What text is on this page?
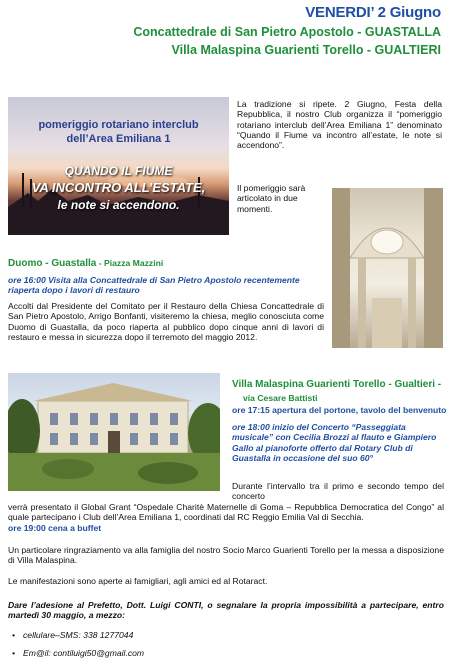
VENERDI’ 2 Giugno
Concattedrale di San Pietro Apostolo - GUASTALLA
Villa Malaspina Guarienti Torello - GUALTIERI
pomeriggio rotariano interclub
dell’Area Emiliana 1
QUANDO IL FIUME
VA INCONTRO ALL’ESTATE,
le note si accendono.
La tradizione si ripete. 2 Giugno, Festa della Repubblica, il nostro Club organizza il “pomeriggio rotariano interclub dell’Area Emiliana 1” denominato “Quando il Fiume va incontro all’estate, le note si accendono”.
Il pomeriggio sarà articolato in due momenti.
Duomo - Guastalla - Piazza Mazzini
ore 16:00 Visita alla Concattedrale di San Pietro Apostolo recentemente riaperta dopo i lavori di restauro
Accolti dal Presidente del Comitato per il Restauro della Chiesa Concattedrale di San Pietro Apostolo, Arrigo Bonfanti, visiteremo la chiesa, meglio conosciuta come Duomo di Guastalla, da poco riaperta al pubblico dopo cinque anni di lavori di restauro e messa in sicurezza dopo il terremoto del maggio 2012.
Villa Malaspina Guarienti Torello - Gualtieri -
via Cesare Battisti
ore 17:15 apertura del portone, tavolo del benvenuto
ore 18:00 inizio del Concerto “Passeggiata musicale” con Cecilia Brozzi al flauto e Giampiero Gallo al pianoforte offerto dal Rotary Club di Guastalla in occasione del suo 60°
Durante l’intervallo tra il primo e secondo tempo del concerto
verrà presentato il Global Grant “Ospedale Charitè Maternelle di Goma – Repubblica Democratica del Congo” al quale partecipano i Club dell’Area Emiliana 1, coordinati dal RC Reggio Emilia Val di Secchia.
ore 19:00 cena a buffet
Un particolare ringraziamento va alla famiglia del nostro Socio Marco Guarienti Torello per la messa a disposizione di Villa Malaspina.
Le manifestazioni sono aperte ai famigliari, agli amici ed al Rotaract.
Dare l’adesione al Prefetto, Dott. Luigi CONTI, o segnalare la propria impossibilità a partecipare, entro martedì 30 maggio, a mezzo:
• cellulare–SMS: 338 1277044
• Em@il: contiluigi50@gmail.com
